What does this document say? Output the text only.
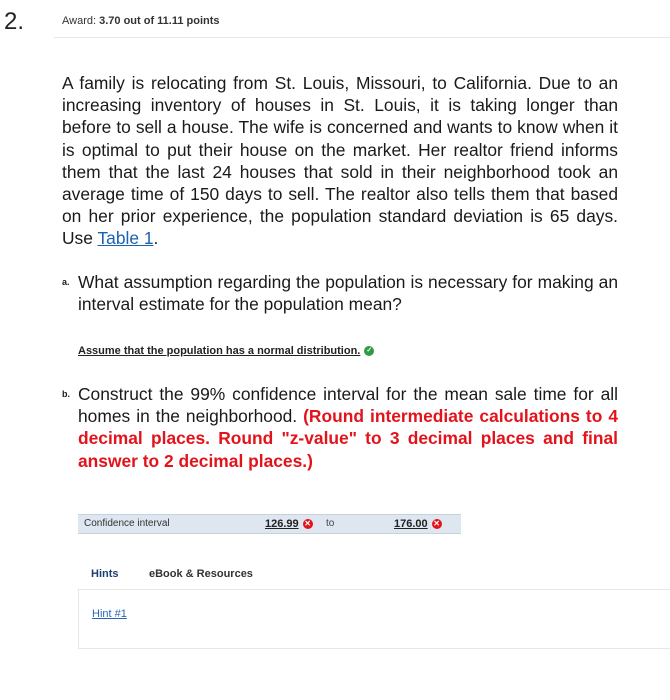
2.	Award: 3.70 out of 11.11 points

A family is relocating from St. Louis, Missouri, to California. Due to an increasing inventory of houses in St. Louis, it is taking longer than before to sell a house. The wife is concerned and wants to know when it is optimal to put their house on the market. Her realtor friend informs them that the last 24 houses that sold in their neighborhood took an average time of 150 days to sell. The realtor also tells them that based on her prior experience, the population standard deviation is 65 days. Use Table 1.

a. What assumption regarding the population is necessary for making an interval estimate for the population mean?
Assume that the population has a normal distribution. ✓
b. Construct the 99% confidence interval for the mean sale time for all homes in the neighborhood. (Round intermediate calculations to 4 decimal places. Round "z-value" to 3 decimal places and final answer to 2 decimal places.)
Confidence interval	126.99 ✕ to	176.00 ✕
Hints	eBook & Resources
Hint #1
